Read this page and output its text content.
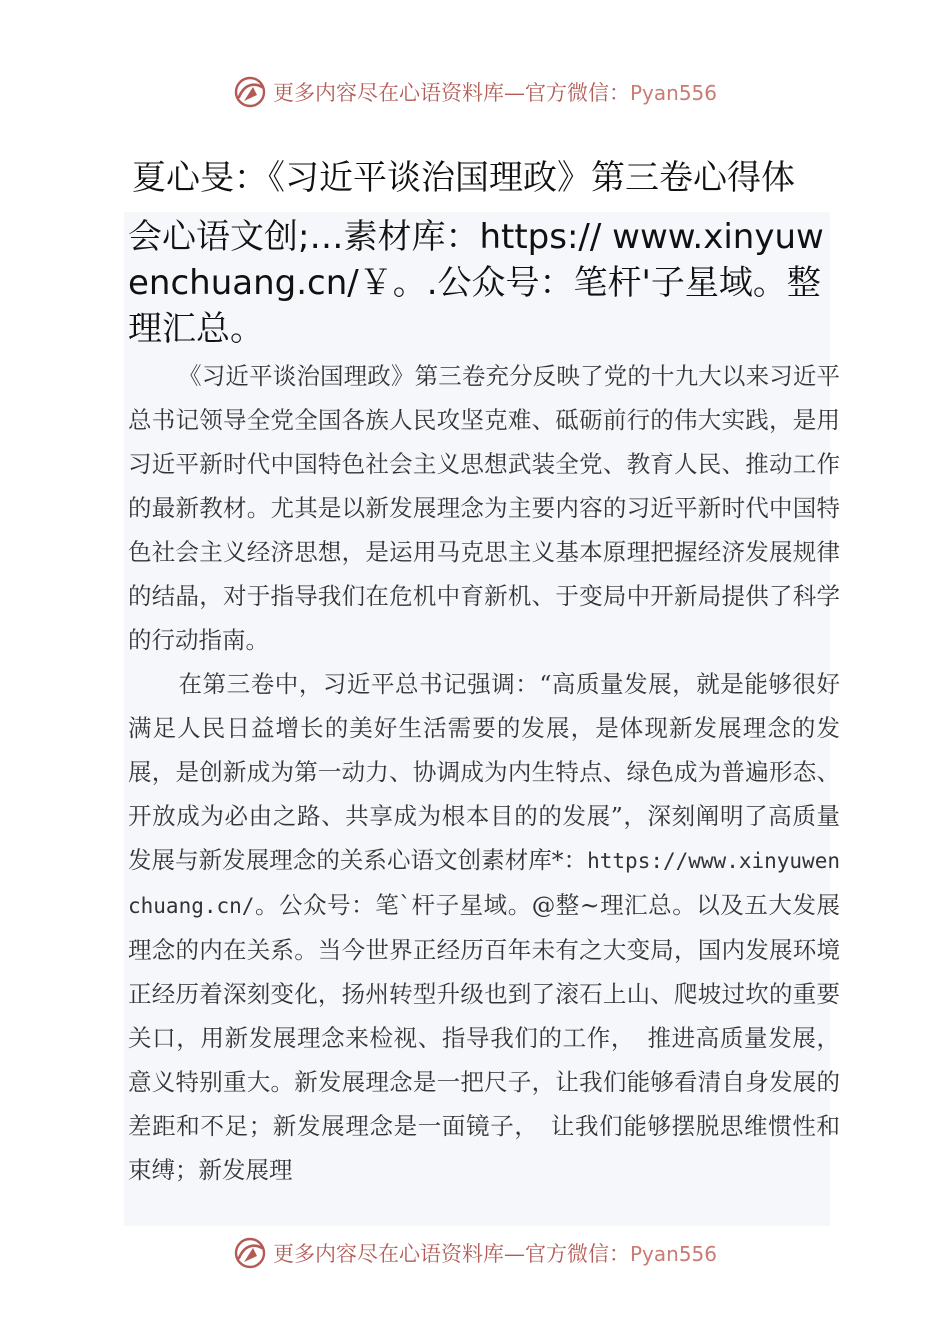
更多内容尽在心语资料库—官方微信：Pyan556
夏心旻：《习近平谈治国理政》第三卷心得体
会心语文创;…素材库：https:// www.xinyuwenchuang.cn/￥。.公众号：笔杆'子星域。整理汇总。
《习近平谈治国理政》第三卷充分反映了党的十九大以来习近平总书记领导全党全国各族人民攻坚克难、砥砺前行的伟大实践，是用习近平新时代中国特色社会主义思想武装全党、教育人民、推动工作的最新教材。尤其是以新发展理念为主要内容的习近平新时代中国特色社会主义经济思想，是运用马克思主义基本原理把握经济发展规律的结晶，对于指导我们在危机中育新机、于变局中开新局提供了科学的行动指南。
在第三卷中，习近平总书记强调：“高质量发展，就是能够很好满足人民日益增长的美好生活需要的发展，是体现新发展理念的发展，是创新成为第一动力、协调成为内生特点、绿色成为普遍形态、开放成为必由之路、共享成为根本目的的发展”，深刻阐明了高质量发展与新发展理念的关系心语文创素材库*：https://www.xinyuwenchuang.cn/。公众号：笔`杆子星域。@整~理汇总。以及五大发展理念的内在关系。当今世界正经历百年未有之大变局，国内发展环境正经历着深刻变化，扬州转型升级也到了滚石上山、爬坡过坎的重要关口，用新发展理念来检视、指导我们的工作，　推进高质量发展，意义特别重大。新发展理念是一把尺子，让我们能够看清自身发展的差距和不足；新发展理念是一面镜子，　让我们能够摆脱思维惯性和束缚；新发展理
更多内容尽在心语资料库—官方微信：Pyan556
